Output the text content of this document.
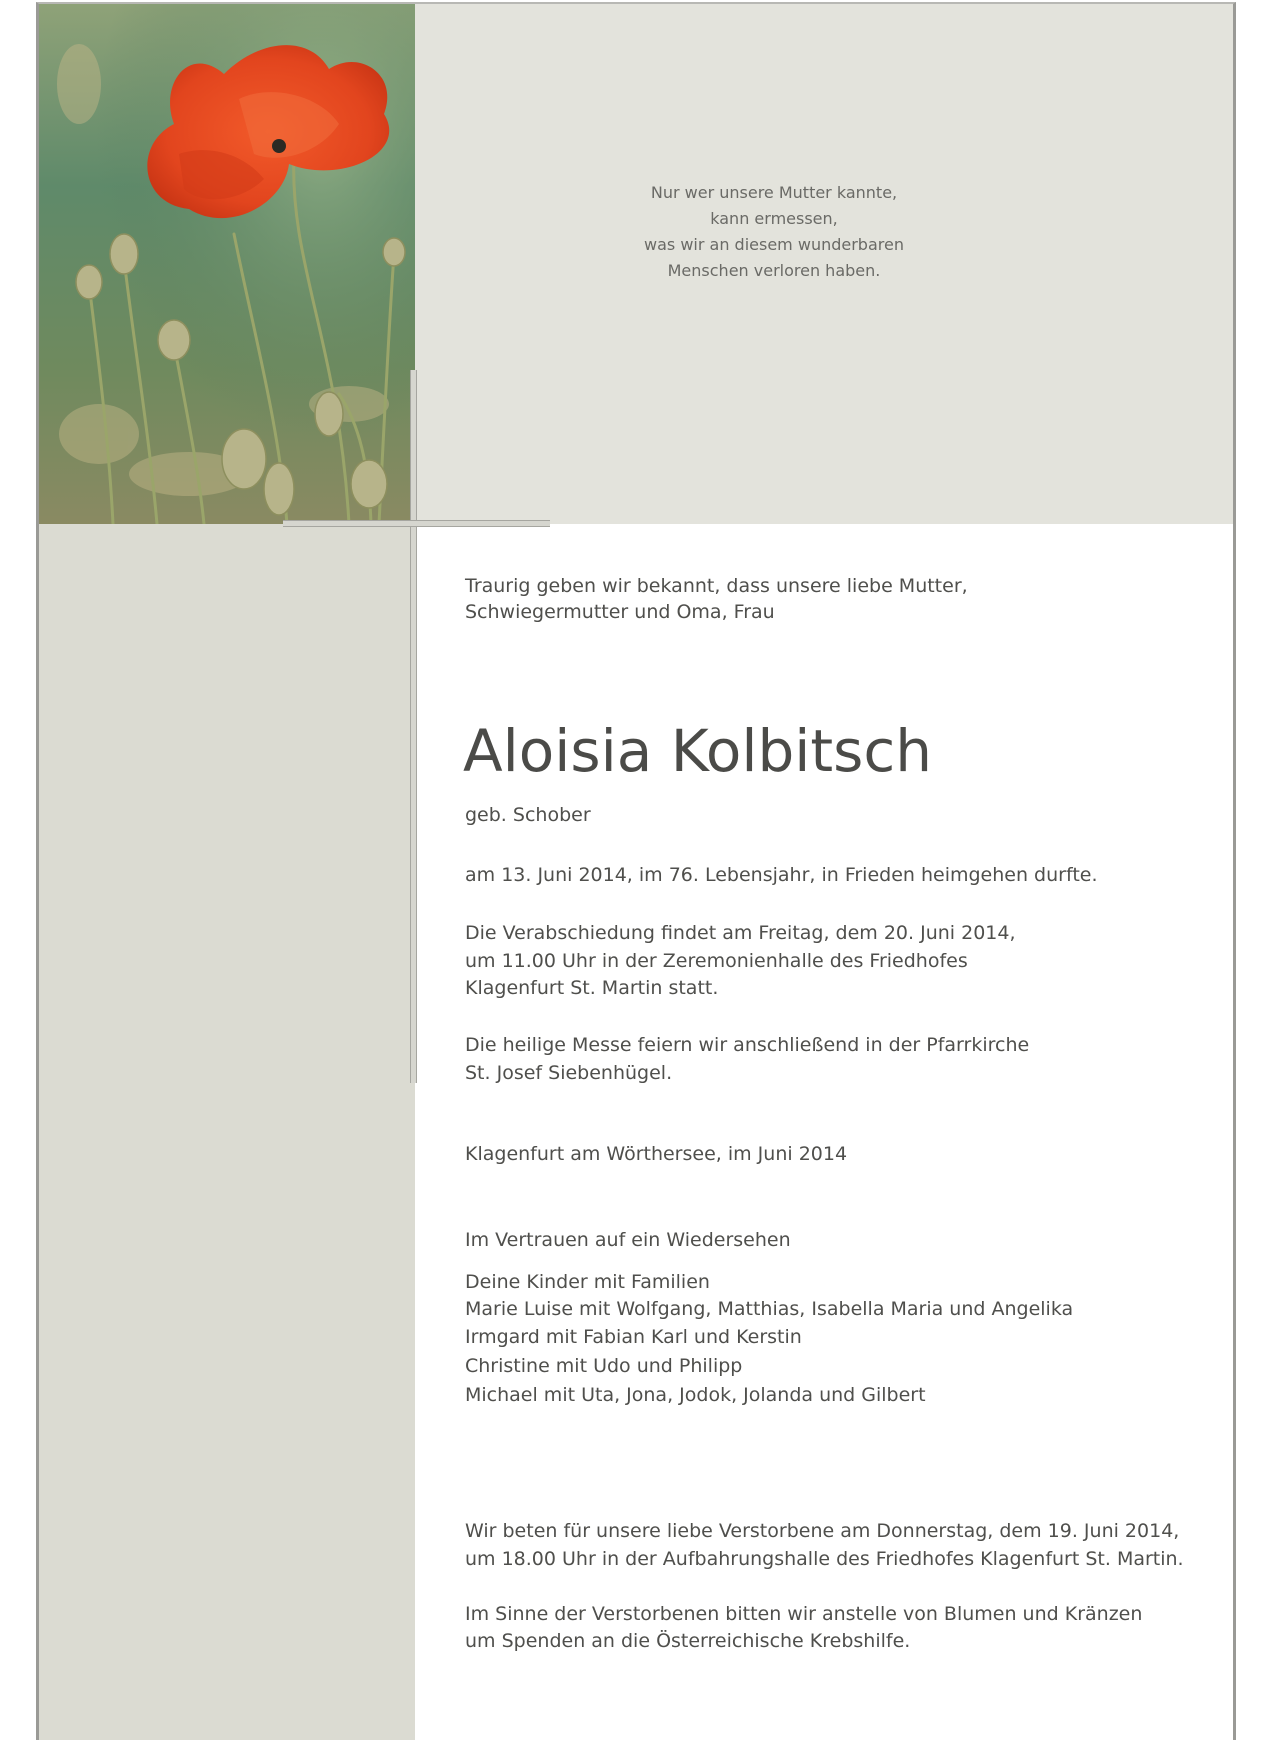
Nur wer unsere Mutter kannte,
kann ermessen,
was wir an diesem wunderbaren
Menschen verloren haben.
Traurig geben wir bekannt, dass unsere liebe Mutter,
Schwiegermutter und Oma, Frau
Aloisia Kolbitsch
geb. Schober
am 13. Juni 2014, im 76. Lebensjahr, in Frieden heimgehen durfte.
Die Verabschiedung findet am Freitag, dem 20. Juni 2014,
um 11.00 Uhr in der Zeremonienhalle des Friedhofes
Klagenfurt St. Martin statt.
Die heilige Messe feiern wir anschließend in der Pfarrkirche
St. Josef Siebenhügel.
Klagenfurt am Wörthersee, im Juni 2014
Im Vertrauen auf ein Wiedersehen
Deine Kinder mit Familien
Marie Luise mit Wolfgang, Matthias, Isabella Maria und Angelika
Irmgard mit Fabian Karl und Kerstin
Christine mit Udo und Philipp
Michael mit Uta, Jona, Jodok, Jolanda und Gilbert
Wir beten für unsere liebe Verstorbene am Donnerstag, dem 19. Juni 2014,
um 18.00 Uhr in der Aufbahrungshalle des Friedhofes Klagenfurt St. Martin.
Im Sinne der Verstorbenen bitten wir anstelle von Blumen und Kränzen
um Spenden an die Österreichische Krebshilfe.
